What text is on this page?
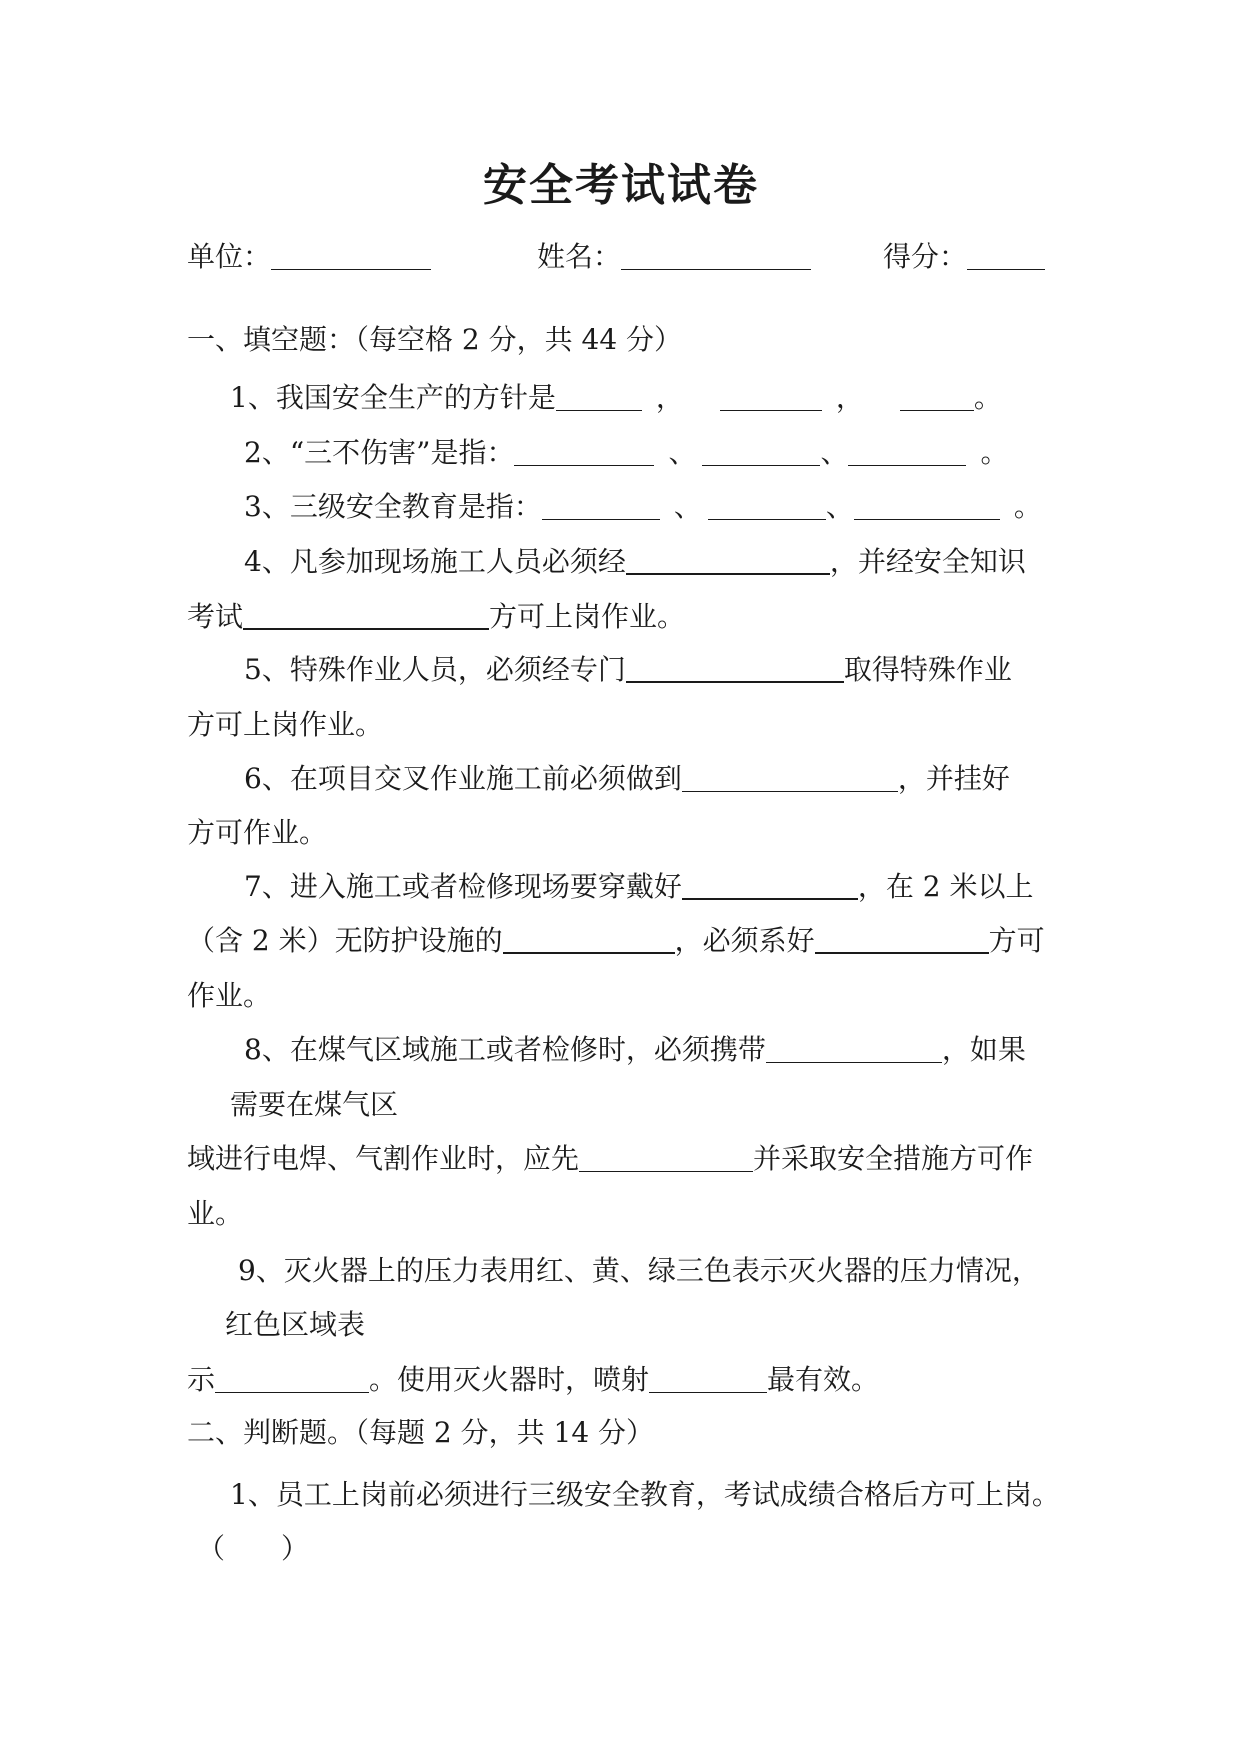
安全考试试卷
单位：	姓名：	得分：
一、填空题：（每空格 2 分，共 44 分）
1、我国安全生产的方针是	，	，	。
2、“三不伤害”是指：	、	、	。
3、三级安全教育是指：	、	、	。
4、凡参加现场施工人员必须经	，并经安全知识
考试	方可上岗作业。
5、特殊作业人员，必须经专门	取得特殊作业
方可上岗作业。
6、在项目交叉作业施工前必须做到	，并挂好
方可作业。
7、进入施工或者检修现场要穿戴好	，在 2 米以上
（含 2 米）无防护设施的	，必须系好	方可
作业。
8、在煤气区域施工或者检修时，必须携带	，如果
需要在煤气区
域进行电焊、气割作业时，应先	并采取安全措施方可作
业。
9、灭火器上的压力表用红、黄、绿三色表示灭火器的压力情况，
红色区域表
示	。使用灭火器时，喷射	最有效。
二、判断题。（每题 2 分，共 14 分）
1、员工上岗前必须进行三级安全教育，考试成绩合格后方可上岗。
（　　）
